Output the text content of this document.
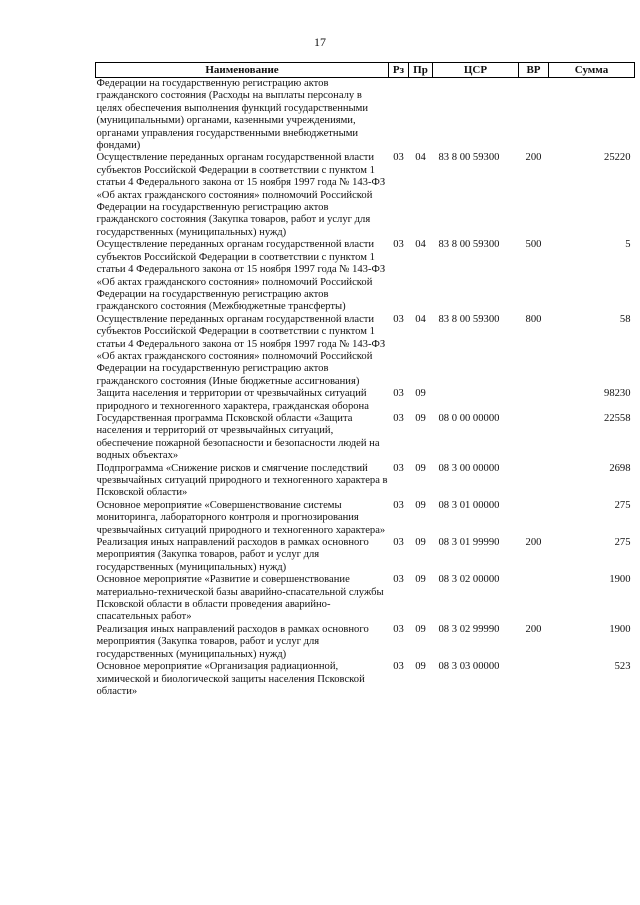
17
Наименование	Рз	Пр	ЦСР	ВР	Сумма
Федерации на государственную регистрацию актов гражданского состояния (Расходы на выплаты персоналу в целях обеспечения выполнения функций государственными (муниципальными) органами, казенными учреждениями, органами управления государственными внебюджетными фондами)					
Осуществление переданных органам государственной власти субъектов Российской Федерации в соответствии с пунктом 1 статьи 4 Федерального закона от 15 ноября 1997 года № 143-ФЗ «Об актах гражданского состояния» полномочий Российской Федерации на государственную регистрацию актов гражданского состояния (Закупка товаров, работ и услуг для государственных (муниципальных) нужд)	03	04	83 8 00 59300	200	25220
Осуществление переданных органам государственной власти субъектов Российской Федерации в соответствии с пунктом 1 статьи 4 Федерального закона от 15 ноября 1997 года № 143-ФЗ «Об актах гражданского состояния» полномочий Российской Федерации на государственную регистрацию актов гражданского состояния (Межбюджетные трансферты)	03	04	83 8 00 59300	500	5
Осуществление переданных органам государственной власти субъектов Российской Федерации в соответствии с пунктом 1 статьи 4 Федерального закона от 15 ноября 1997 года № 143-ФЗ «Об актах гражданского состояния» полномочий Российской Федерации на государственную регистрацию актов гражданского состояния (Иные бюджетные ассигнования)	03	04	83 8 00 59300	800	58
Защита населения и территории от чрезвычайных ситуаций природного и техногенного характера, гражданская оборона	03	09			98230
Государственная программа Псковской области «Защита населения и территорий от чрезвычайных ситуаций, обеспечение пожарной безопасности и безопасности людей на водных объектах»	03	09	08 0 00 00000		22558
Подпрограмма «Снижение рисков и смягчение последствий чрезвычайных ситуаций природного и техногенного характера в Псковской области»	03	09	08 3 00 00000		2698
Основное мероприятие «Совершенствование системы мониторинга, лабораторного контроля и прогнозирования чрезвычайных ситуаций природного и техногенного характера»	03	09	08 3 01 00000		275
Реализация иных направлений расходов в рамках основного мероприятия (Закупка товаров, работ и услуг для государственных (муниципальных) нужд)	03	09	08 3 01 99990	200	275
Основное мероприятие «Развитие и совершенствование материально-технической базы аварийно-спасательной службы Псковской области в области проведения аварийно-спасательных работ»	03	09	08 3 02 00000		1900
Реализация иных направлений расходов в рамках основного мероприятия (Закупка товаров, работ и услуг для государственных (муниципальных) нужд)	03	09	08 3 02 99990	200	1900
Основное мероприятие «Организация радиационной, химической и биологической защиты населения Псковской области»	03	09	08 3 03 00000		523
